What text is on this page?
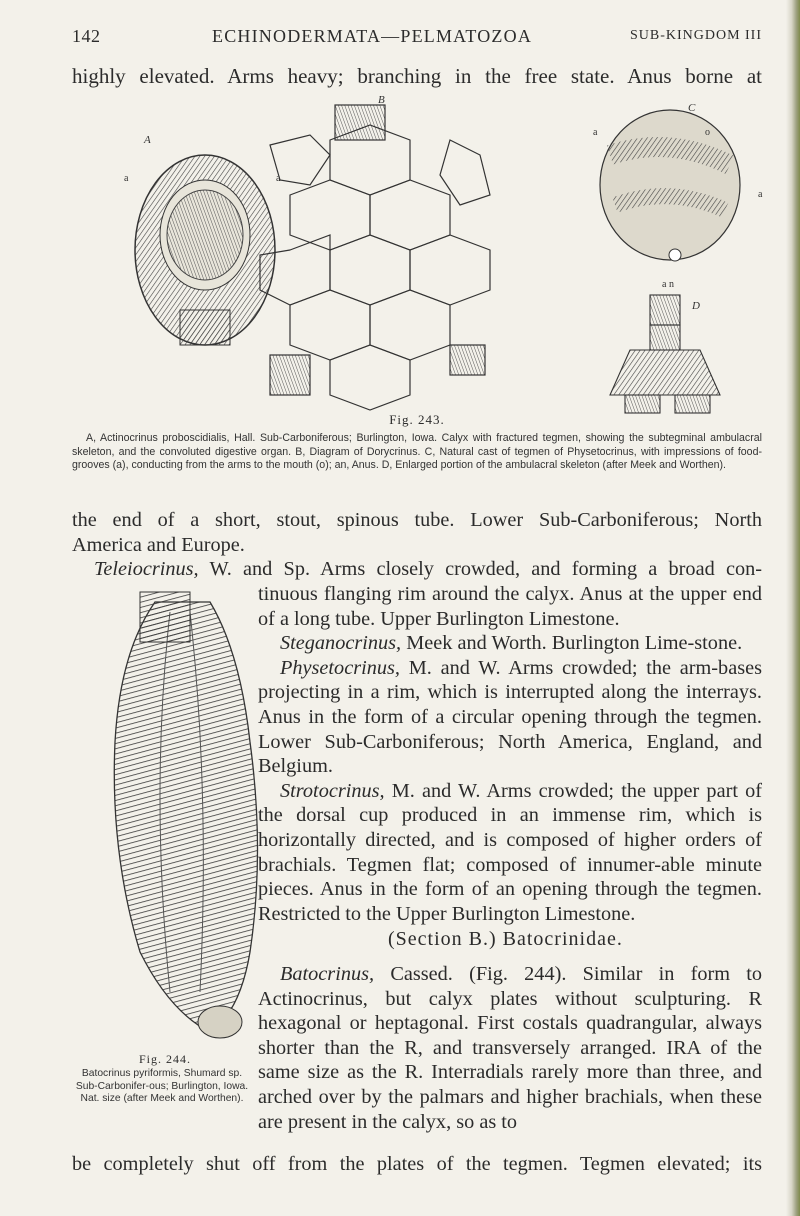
142	ECHINODERMATA—PELMATOZOA	SUB-KINGDOM III
highly elevated. Arms heavy; branching in the free state. Anus borne at
A
a	a
B
C
a	o
a
a n
D
Fig. 243.
A, Actinocrinus proboscidialis, Hall. Sub-Carboniferous; Burlington, Iowa. Calyx with fractured tegmen, showing the subtegminal ambulacral skeleton, and the convoluted digestive organ. B, Diagram of Dorycrinus. C, Natural cast of tegmen of Physetocrinus, with impressions of food-grooves (a), conducting from the arms to the mouth (o); an, Anus. D, Enlarged portion of the ambulacral skeleton (after Meek and Worthen).

the end of a short, stout, spinous tube. Lower Sub-Carboniferous; North

America and Europe.

Teleiocrinus, W. and Sp. Arms closely crowded, and forming a broad con-

tinuous flanging rim around the calyx. Anus at the upper end of a long tube. Upper Burlington Limestone.

Steganocrinus, Meek and Worth. Burlington Lime-stone.

Physetocrinus, M. and W. Arms crowded; the arm-bases projecting in a rim, which is interrupted along the interrays. Anus in the form of a circular opening through the tegmen. Lower Sub-Carboniferous; North America, England, and Belgium.

Strotocrinus, M. and W. Arms crowded; the upper part of the dorsal cup produced in an immense rim, which is horizontally directed, and is composed of higher orders of brachials. Tegmen flat; composed of innumer-able minute pieces. Anus in the form of an opening through the tegmen. Restricted to the Upper Burlington Limestone.

(Section B.) Batocrinidae.

Batocrinus, Cassed. (Fig. 244). Similar in form to Actinocrinus, but calyx plates without sculpturing. R hexagonal or heptagonal. First costals quadrangular, always shorter than the R, and transversely arranged. IRA of the same size as the R. Interradials rarely more than three, and arched over by the palmars and higher brachials, when these are present in the calyx, so as to

be completely shut off from the plates of the tegmen. Tegmen elevated; its

Fig. 244.
Batocrinus pyriformis, Shumard sp. Sub-Carbonifer-ous; Burlington, Iowa. Nat. size (after Meek and Worthen).
